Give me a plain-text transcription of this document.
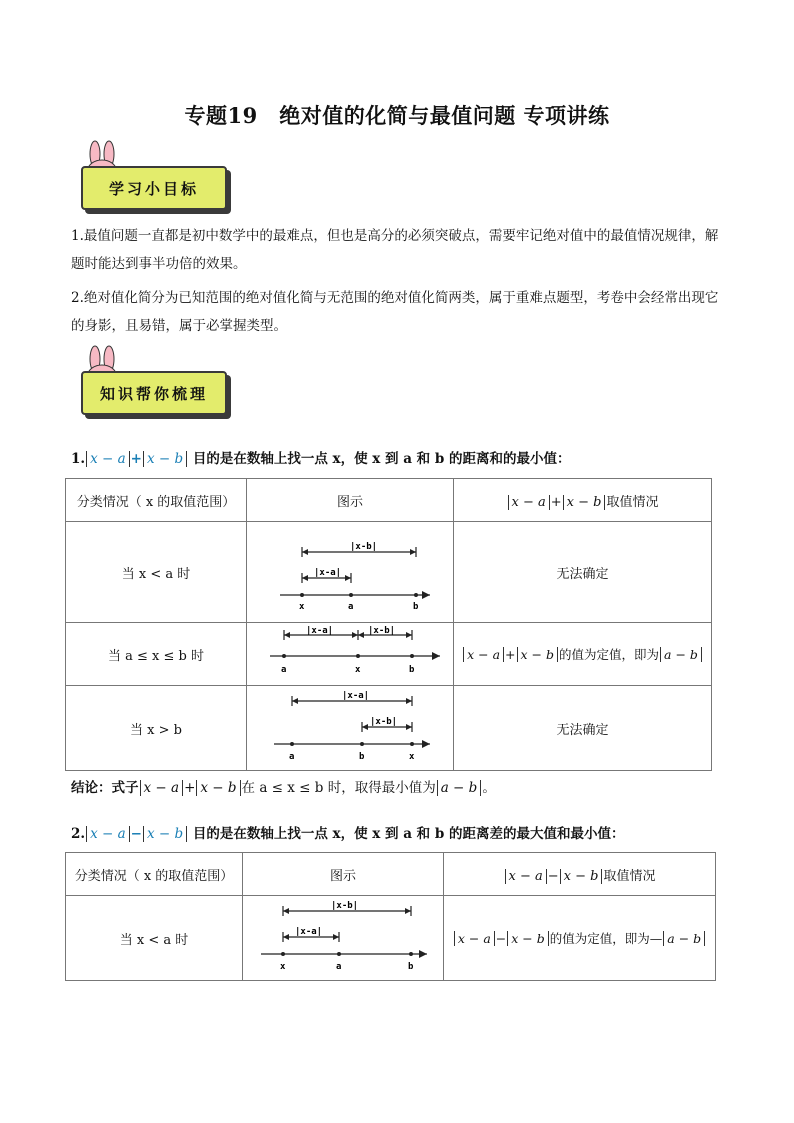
专题19　绝对值的化简与最值问题 专项讲练
学习小目标
1.最值问题一直都是初中数学中的最难点，但也是高分的必须突破点，需要牢记绝对值中的最值情况规律，解题时能达到事半功倍的效果。
2.绝对值化简分为已知范围的绝对值化简与无范围的绝对值化简两类，属于重难点题型，考卷中会经常出现它的身影，且易错，属于必掌握类型。
知识帮你梳理
1. x − a + x − b 目的是在数轴上找一点 x，使 x 到 a 和 b 的距离和的最小值：
分类情况（ x 的取值范围）	图示	x − a + x − b 取值情况
当 x < a 时	|x-b|
|x-a|
x a b	无法确定
当 a ≤ x ≤ b 时	|x-a| |x-b|
a x b	x − a + x − b 的值为定值，即为 a − b
当 x > b	|x-a|
|x-b|
a b x	无法确定
结论：式子 x − a + x − b 在 a ≤ x ≤ b 时，取得最小值为 a − b 。
2. x − a − x − b 目的是在数轴上找一点 x，使 x 到 a 和 b 的距离差的最大值和最小值：
分类情况（ x 的取值范围）	图示	x − a − x − b 取值情况
当 x < a 时	|x-b|
|x-a|
x a b	x − a − x − b 的值为定值，即为— a − b
